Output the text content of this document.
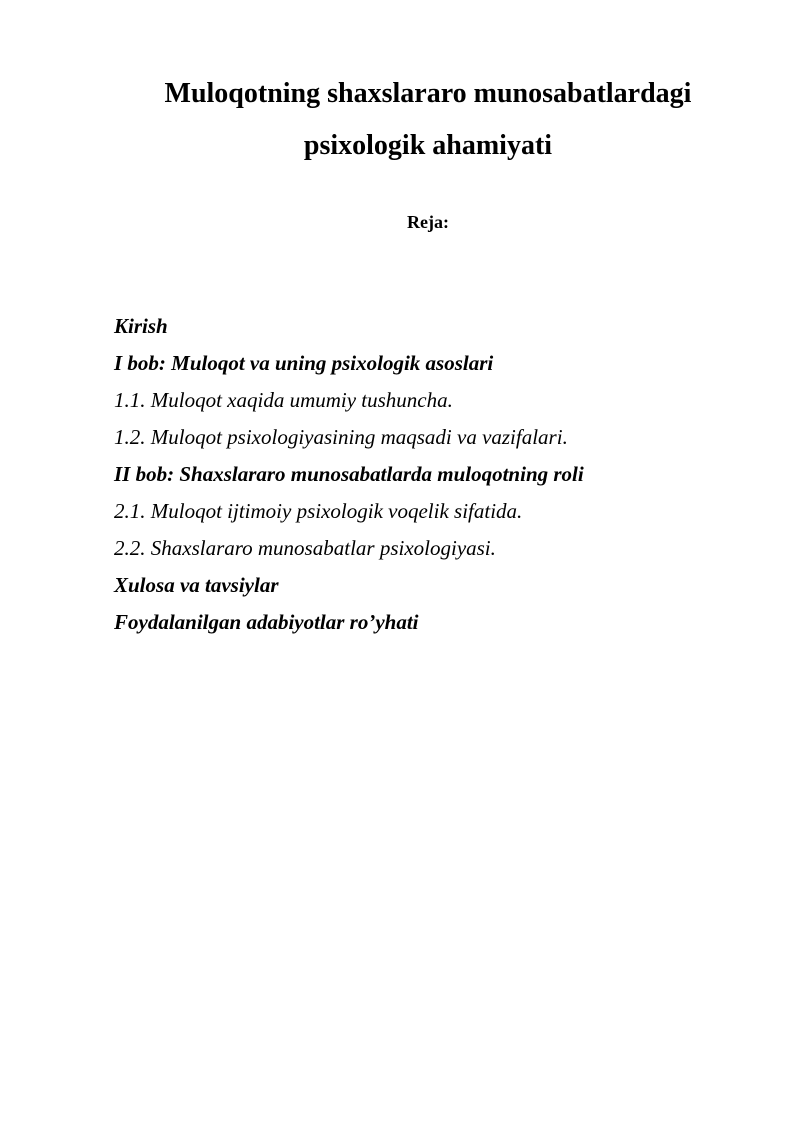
Muloqotning shaxslararo munosabatlardagi
psixologik ahamiyati

Reja:

Kirish
I bob: Muloqot va uning psixologik asoslari
1.1. Muloqot xaqida umumiy tushuncha.
1.2. Muloqot psixologiyasining maqsadi va vazifalari.
II bob: Shaxslararo munosabatlarda muloqotning roli
2.1. Muloqot ijtimoiy psixologik voqelik sifatida.
2.2. Shaxslararo munosabatlar psixologiyasi.
Xulosa va tavsiylar
Foydalanilgan adabiyotlar ro’yhati
